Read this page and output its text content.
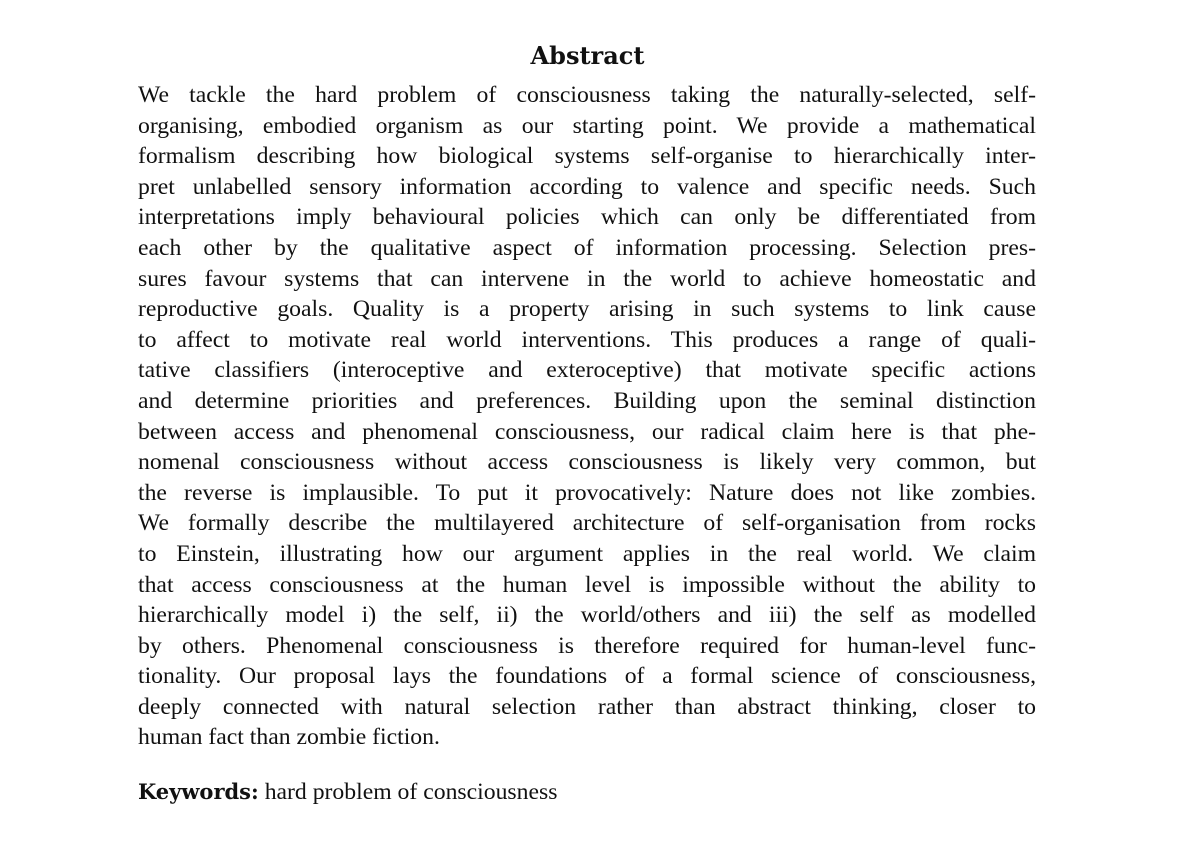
Abstract
We tackle the hard problem of consciousness taking the naturally-selected, self-
organising, embodied organism as our starting point. We provide a mathematical
formalism describing how biological systems self-organise to hierarchically inter-
pret unlabelled sensory information according to valence and specific needs. Such
interpretations imply behavioural policies which can only be differentiated from
each other by the qualitative aspect of information processing. Selection pres-
sures favour systems that can intervene in the world to achieve homeostatic and
reproductive goals. Quality is a property arising in such systems to link cause
to affect to motivate real world interventions. This produces a range of quali-
tative classifiers (interoceptive and exteroceptive) that motivate specific actions
and determine priorities and preferences. Building upon the seminal distinction
between access and phenomenal consciousness, our radical claim here is that phe-
nomenal consciousness without access consciousness is likely very common, but
the reverse is implausible. To put it provocatively: Nature does not like zombies.
We formally describe the multilayered architecture of self-organisation from rocks
to Einstein, illustrating how our argument applies in the real world. We claim
that access consciousness at the human level is impossible without the ability to
hierarchically model i) the self, ii) the world/others and iii) the self as modelled
by others. Phenomenal consciousness is therefore required for human-level func-
tionality. Our proposal lays the foundations of a formal science of consciousness,
deeply connected with natural selection rather than abstract thinking, closer to
human fact than zombie fiction.
Keywords: hard problem of consciousness
